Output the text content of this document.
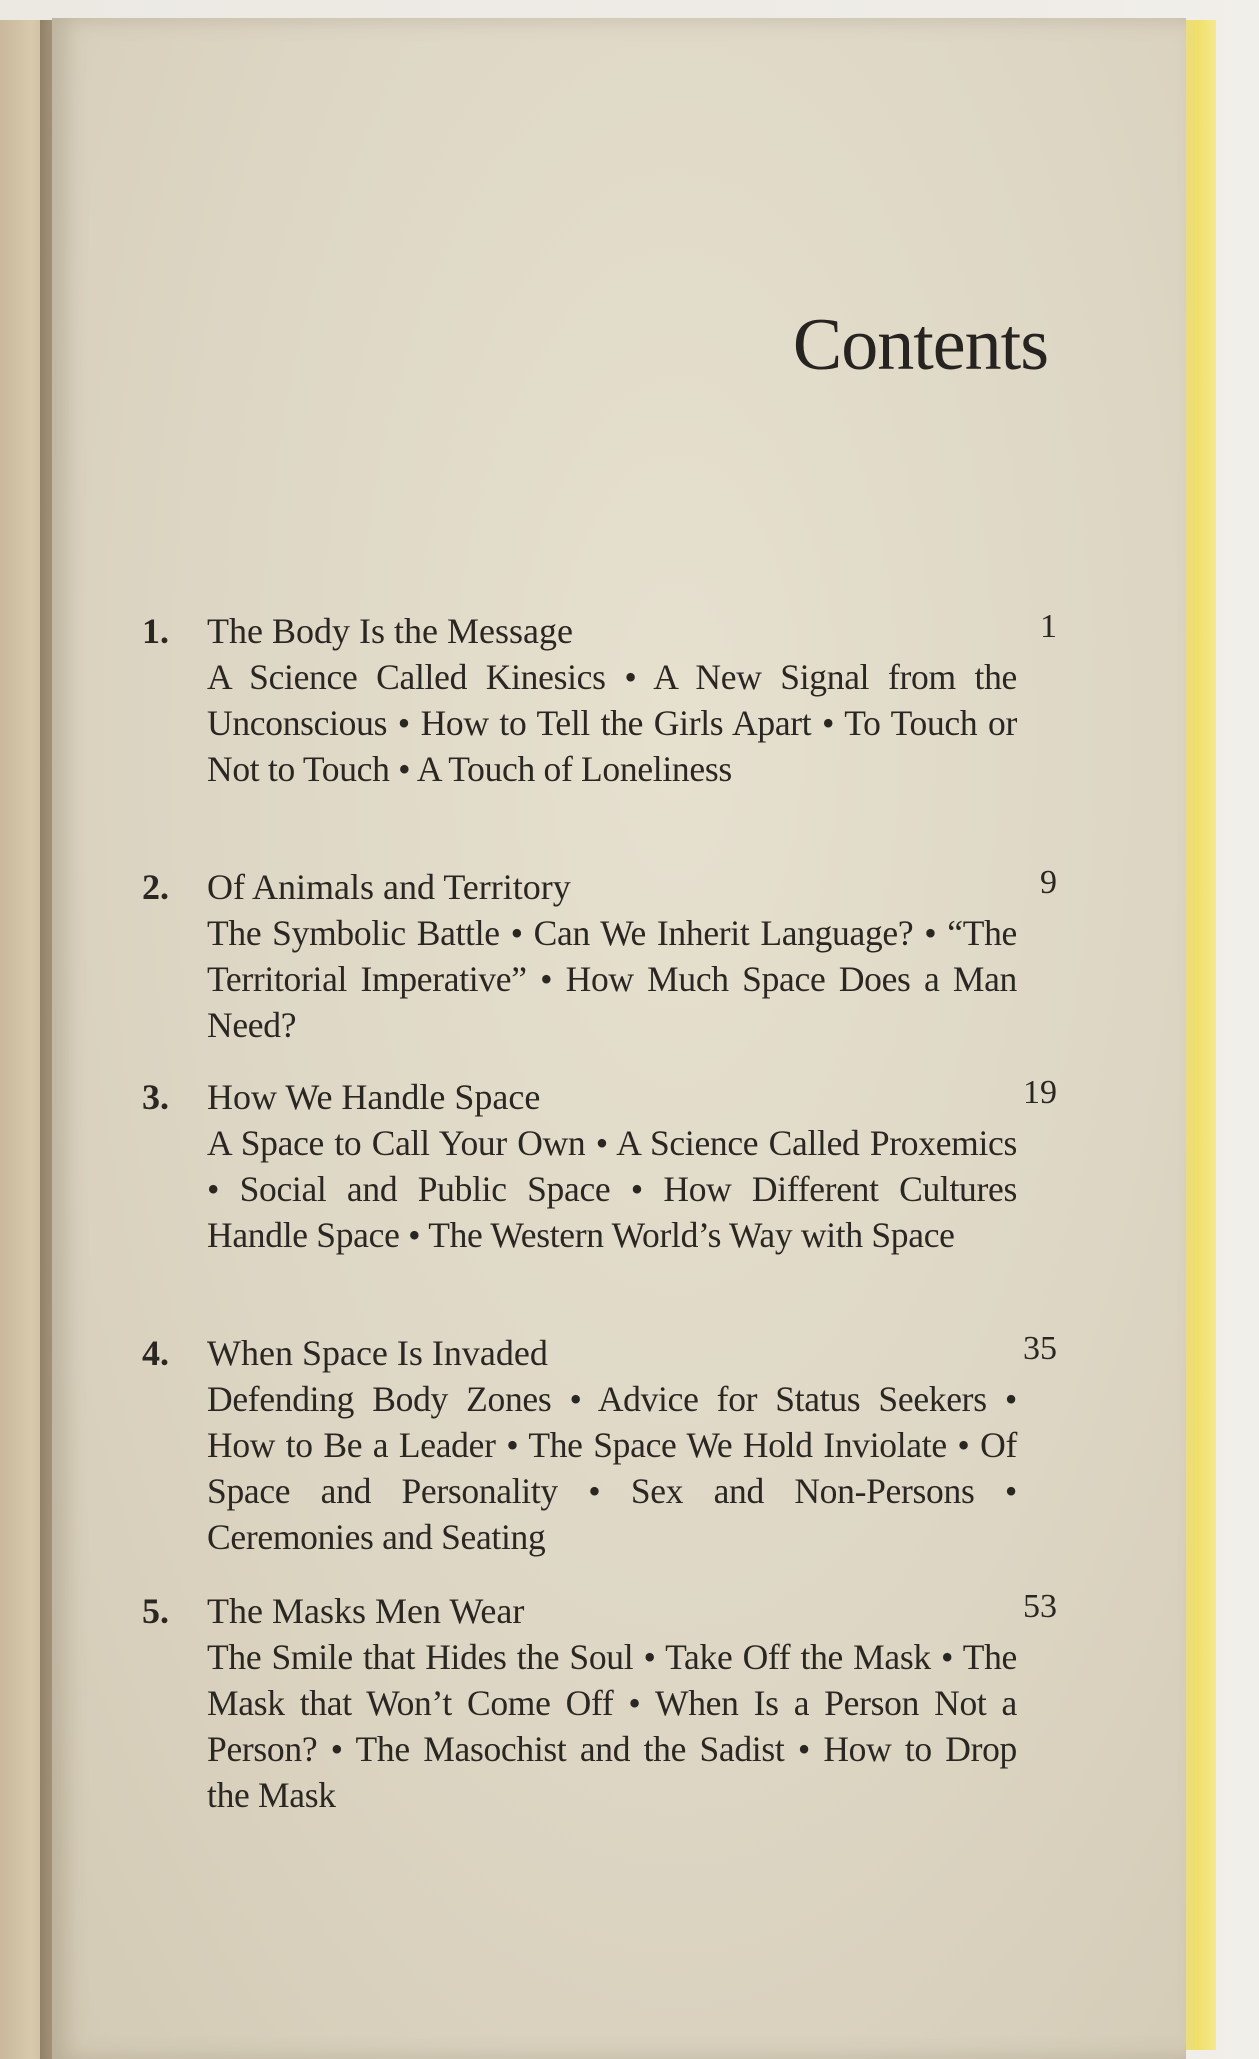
Contents
1. The Body Is the Message	1
A Science Called Kinesics • A New Signal from the Unconscious • How to Tell the Girls Apart • To Touch or Not to Touch • A Touch of Loneliness
2. Of Animals and Territory	9
The Symbolic Battle • Can We Inherit Language? • “The Territorial Imperative” • How Much Space Does a Man Need?
3. How We Handle Space	19
A Space to Call Your Own • A Science Called Proxemics • Social and Public Space • How Different Cultures Handle Space • The Western World’s Way with Space
4. When Space Is Invaded	35
Defending Body Zones • Advice for Status Seekers • How to Be a Leader • The Space We Hold Inviolate • Of Space and Personality • Sex and Non-Persons • Ceremonies and Seating
5. The Masks Men Wear	53
The Smile that Hides the Soul • Take Off the Mask • The Mask that Won’t Come Off • When Is a Person Not a Person? • The Masochist and the Sadist • How to Drop the Mask
